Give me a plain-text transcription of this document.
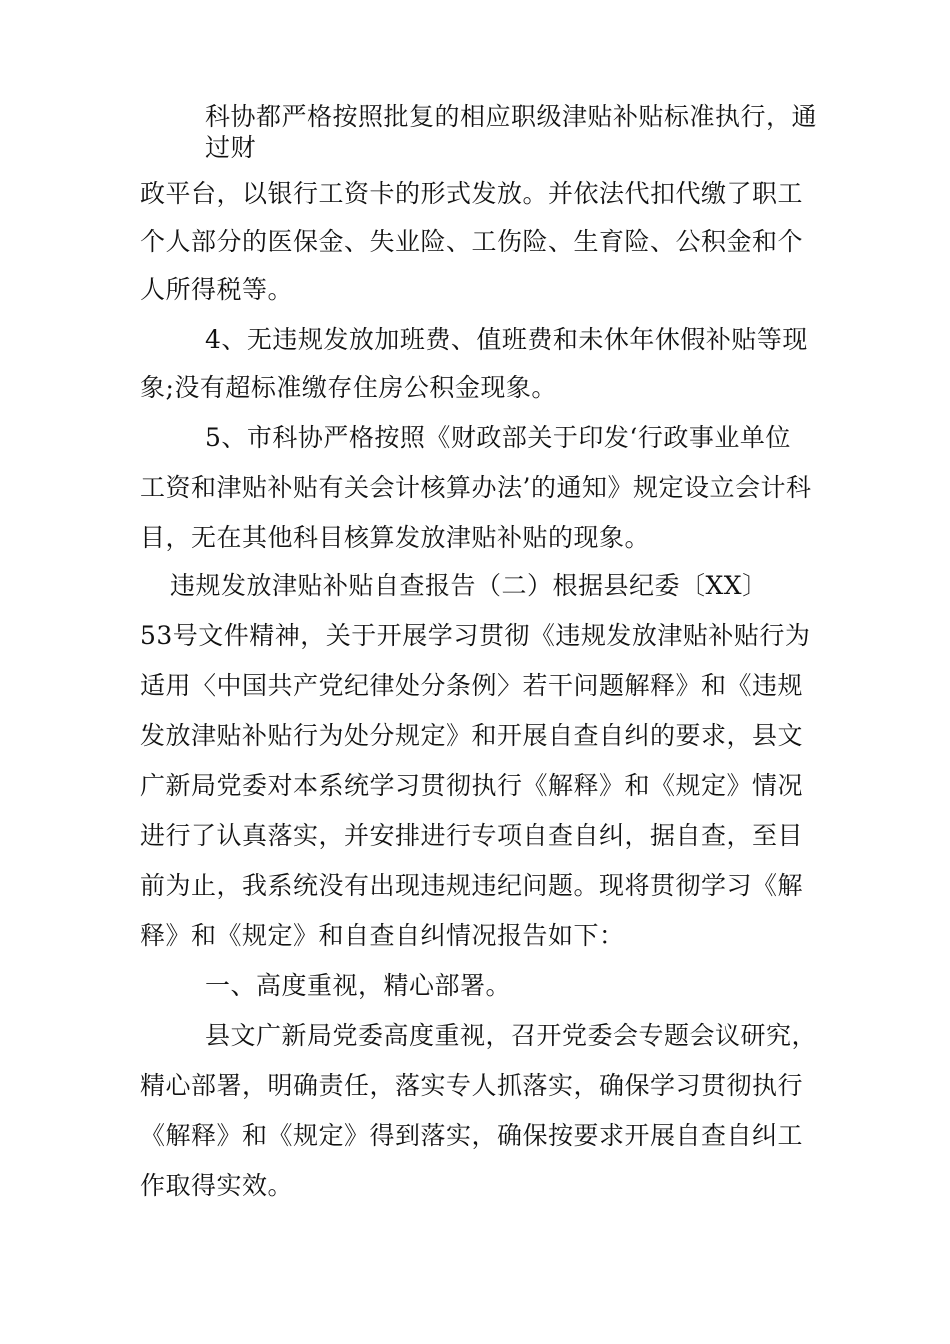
科协都严格按照批复的相应职级津贴补贴标准执行，通
过财
政平台，以银行工资卡的形式发放。并依法代扣代缴了职工
个人部分的医保金、失业险、工伤险、生育险、公积金和个
人所得税等。
4、无违规发放加班费、值班费和未休年休假补贴等现
象;没有超标准缴存住房公积金现象。
5、市科协严格按照《财政部关于印发‘行政事业单位
工资和津贴补贴有关会计核算办法’的通知》规定设立会计科
目，无在其他科目核算发放津贴补贴的现象。
违规发放津贴补贴自查报告（二）根据县纪委〔XX〕
53号文件精神，关于开展学习贯彻《违规发放津贴补贴行为
适用〈中国共产党纪律处分条例〉若干问题解释》和《违规
发放津贴补贴行为处分规定》和开展自查自纠的要求，县文
广新局党委对本系统学习贯彻执行《解释》和《规定》情况
进行了认真落实，并安排进行专项自查自纠，据自查，至目
前为止，我系统没有出现违规违纪问题。现将贯彻学习《解
释》和《规定》和自查自纠情况报告如下：
一、高度重视，精心部署。
县文广新局党委高度重视，召开党委会专题会议研究，
精心部署，明确责任，落实专人抓落实，确保学习贯彻执行
《解释》和《规定》得到落实，确保按要求开展自查自纠工
作取得实效。
